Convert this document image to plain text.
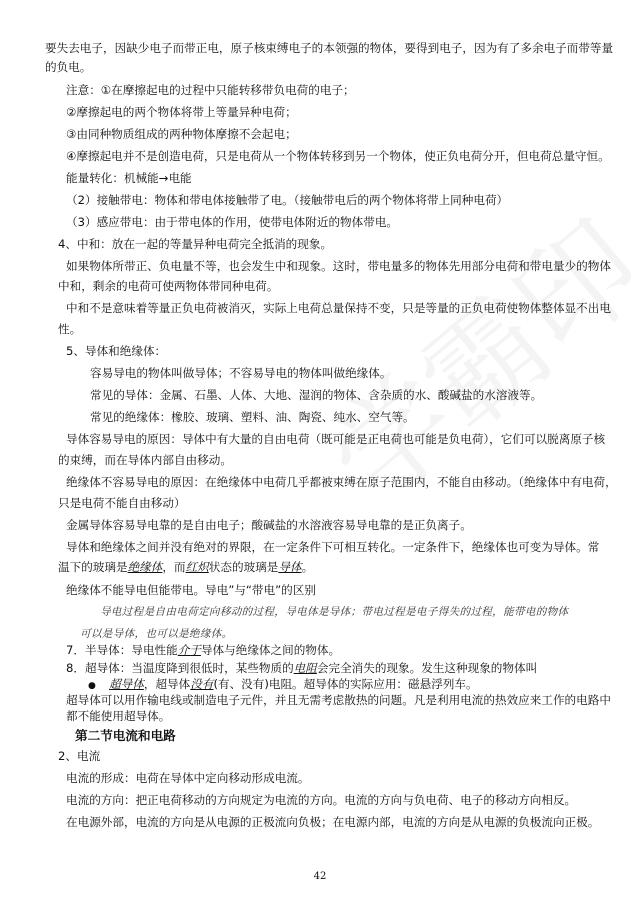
要失去电子，因缺少电子而带正电，原子核束缚电子的本领强的物体，要得到电子，因为有了多余电子而带等量
的负电。
注意：①在摩擦起电的过程中只能转移带负电荷的电子；
②摩擦起电的两个物体将带上等量异种电荷；
③由同种物质组成的两种物体摩擦不会起电；
④摩擦起电并不是创造电荷，只是电荷从一个物体转移到另一个物体，使正负电荷分开，但电荷总量守恒。
能量转化：机械能→电能
（2）接触带电：物体和带电体接触带了电。（接触带电后的两个物体将带上同种电荷）
（3）感应带电：由于带电体的作用，使带电体附近的物体带电。
4、中和：放在一起的等量异种电荷完全抵消的现象。
如果物体所带正、负电量不等，也会发生中和现象。这时，带电量多的物体先用部分电荷和带电量少的物体
中和，剩余的电荷可使两物体带同种电荷。
中和不是意味着等量正负电荷被消灭，实际上电荷总量保持不变，只是等量的正负电荷使物体整体显不出电
性。
5、导体和绝缘体：
容易导电的物体叫做导体；不容易导电的物体叫做绝缘体。
常见的导体：金属、石墨、人体、大地、湿润的物体、含杂质的水、酸碱盐的水溶液等。
常见的绝缘体：橡胶、玻璃、塑料、油、陶瓷、纯水、空气等。
导体容易导电的原因：导体中有大量的自由电荷（既可能是正电荷也可能是负电荷），它们可以脱离原子核
的束缚，而在导体内部自由移动。
绝缘体不容易导电的原因：在绝缘体中电荷几乎都被束缚在原子范围内，不能自由移动。（绝缘体中有电荷，
只是电荷不能自由移动）
金属导体容易导电靠的是自由电子；酸碱盐的水溶液容易导电靠的是正负离子。
导体和绝缘体之间并没有绝对的界限，在一定条件下可相互转化。一定条件下，绝缘体也可变为导体。常
温下的玻璃是绝缘体，而红炽状态的玻璃是导体。
绝缘体不能导电但能带电。导电”与“带电”的区别
导电过程是自由电荷定向移动的过程，导电体是导体；带电过程是电子得失的过程，能带电的物体
可以是导体，也可以是绝缘体。
7．半导体：导电性能介于导体与绝缘体之间的物体。
8．超导体：当温度降到很低时，某些物质的电阻会完全消失的现象。发生这种现象的物体叫
● 超导体，超导体没有(有、没有)电阻。超导体的实际应用：磁悬浮列车。
超导体可以用作输电线或制造电子元件，并且无需考虑散热的问题。凡是利用电流的热效应来工作的电路中
都不能使用超导体。
第二节电流和电路
2、电流
电流的形成：电荷在导体中定向移动形成电流。
电流的方向：把正电荷移动的方向规定为电流的方向。电流的方向与负电荷、电子的移动方向相反。
在电源外部，电流的方向是从电源的正极流向负极；在电源内部，电流的方向是从电源的负极流向正极。
42
